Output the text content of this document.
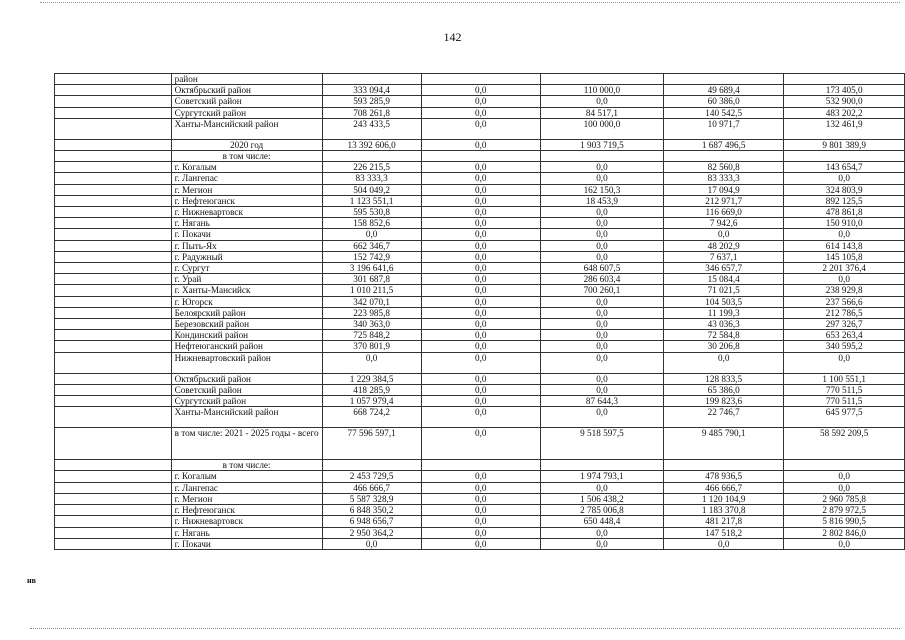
142
	район					
	Октябрьский район	333 094,4	0,0	110 000,0	49 689,4	173 405,0
	Советский район	593 285,9	0,0	0,0	60 386,0	532 900,0
	Сургутский район	708 261,8	0,0	84 517,1	140 542,5	483 202,2
	Ханты-Мансийский район	243 433,5	0,0	100 000,0	10 971,7	132 461,9
	2020 год	13 392 606,0	0,0	1 903 719,5	1 687 496,5	9 801 389,9
	в том числе:					
	г. Когалым	226 215,5	0,0	0,0	82 560,8	143 654,7
	г. Лангепас	83 333,3	0,0	0,0	83 333,3	0,0
	г. Мегион	504 049,2	0,0	162 150,3	17 094,9	324 803,9
	г. Нефтеюганск	1 123 551,1	0,0	18 453,9	212 971,7	892 125,5
	г. Нижневартовск	595 530,8	0,0	0,0	116 669,0	478 861,8
	г. Нягань	158 852,6	0,0	0,0	7 942,6	150 910,0
	г. Покачи	0,0	0,0	0,0	0,0	0,0
	г. Пыть-Ях	662 346,7	0,0	0,0	48 202,9	614 143,8
	г. Радужный	152 742,9	0,0	0,0	7 637,1	145 105,8
	г. Сургут	3 196 641,6	0,0	648 607,5	346 657,7	2 201 376,4
	г. Урай	301 687,8	0,0	286 603,4	15 084,4	0,0
	г. Ханты-Мансийск	1 010 211,5	0,0	700 260,1	71 021,5	238 929,8
	г. Югорск	342 070,1	0,0	0,0	104 503,5	237 566,6
	Белоярский район	223 985,8	0,0	0,0	11 199,3	212 786,5
	Березовский район	340 363,0	0,0	0,0	43 036,3	297 326,7
	Кондинский район	725 848,2	0,0	0,0	72 584,8	653 263,4
	Нефтеюганский район	370 801,9	0,0	0,0	30 206,8	340 595,2
	Нижневартовский район	0,0	0,0	0,0	0,0	0,0
	Октябрьский район	1 229 384,5	0,0	0,0	128 833,5	1 100 551,1
	Советский район	418 285,9	0,0	0,0	65 386,0	770 511,5
	Сургутский район	1 057 979,4	0,0	87 644,3	199 823,6	770 511,5
	Ханты-Мансийский район	668 724,2	0,0	0,0	22 746,7	645 977,5
	в том числе: 2021 - 2025 годы - всего	77 596 597,1	0,0	9 518 597,5	9 485 790,1	58 592 209,5
	в том числе:					
	г. Когалым	2 453 729,5	0,0	1 974 793,1	478 936,5	0,0
	г. Лангепас	466 666,7	0,0	0,0	466 666,7	0,0
	г. Мегион	5 587 328,9	0,0	1 506 438,2	1 120 104,9	2 960 785,8
	г. Нефтеюганск	6 848 350,2	0,0	2 785 006,8	1 183 370,8	2 879 972,5
	г. Нижневартовск	6 948 656,7	0,0	650 448,4	481 217,8	5 816 990,5
	г. Нягань	2 950 364,2	0,0	0,0	147 518,2	2 802 846,0
	г. Покачи	0,0	0,0	0,0	0,0	0,0
нв
